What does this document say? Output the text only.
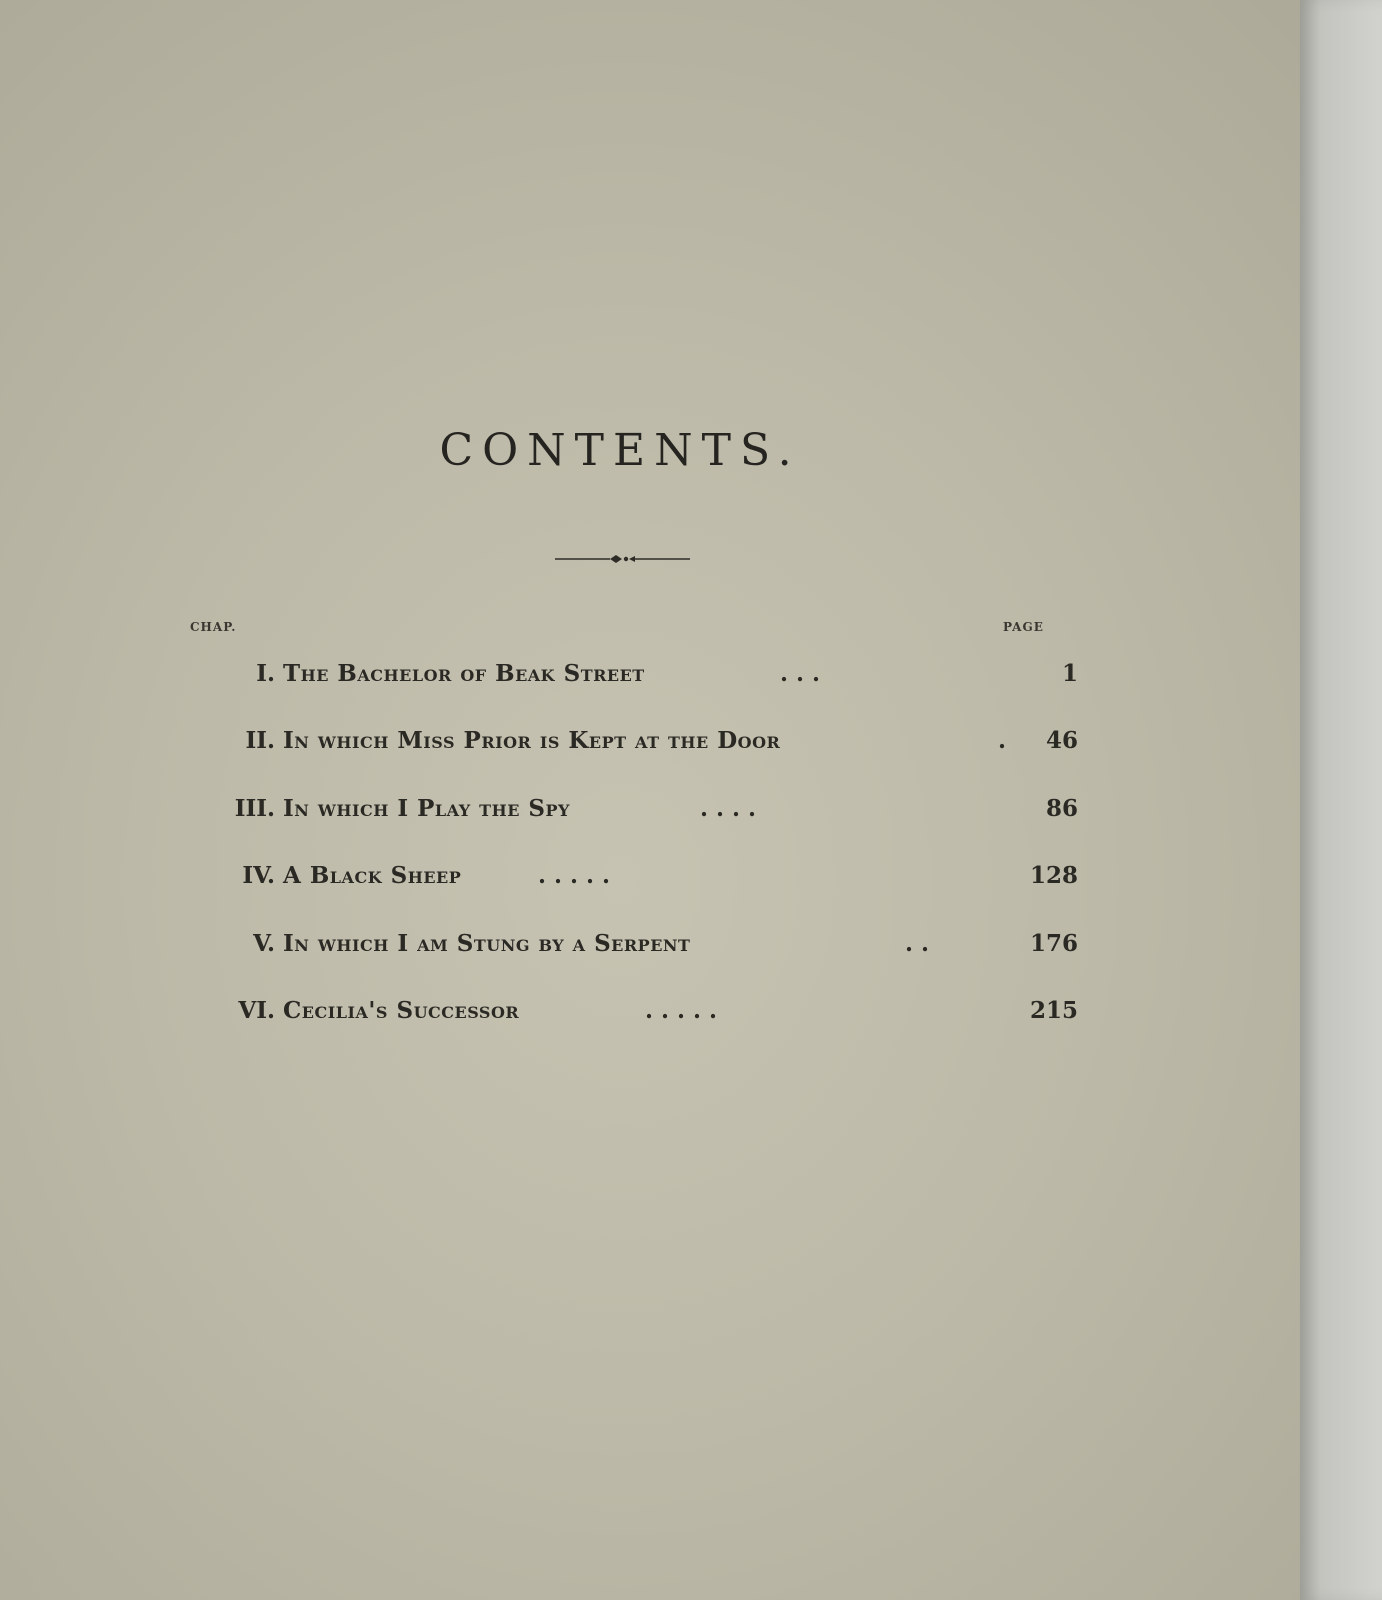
CONTENTS.
CHAP.	PAGE
I. The Bachelor of Beak Street	. . .	1
II. In which Miss Prior is Kept at the Door	. 46
III. In which I Play the Spy	. . . .	86
IV. A Black Sheep	. . . . .	128
V. In which I am Stung by a Serpent	. .	176
VI. Cecilia's Successor	. . . . .	215
